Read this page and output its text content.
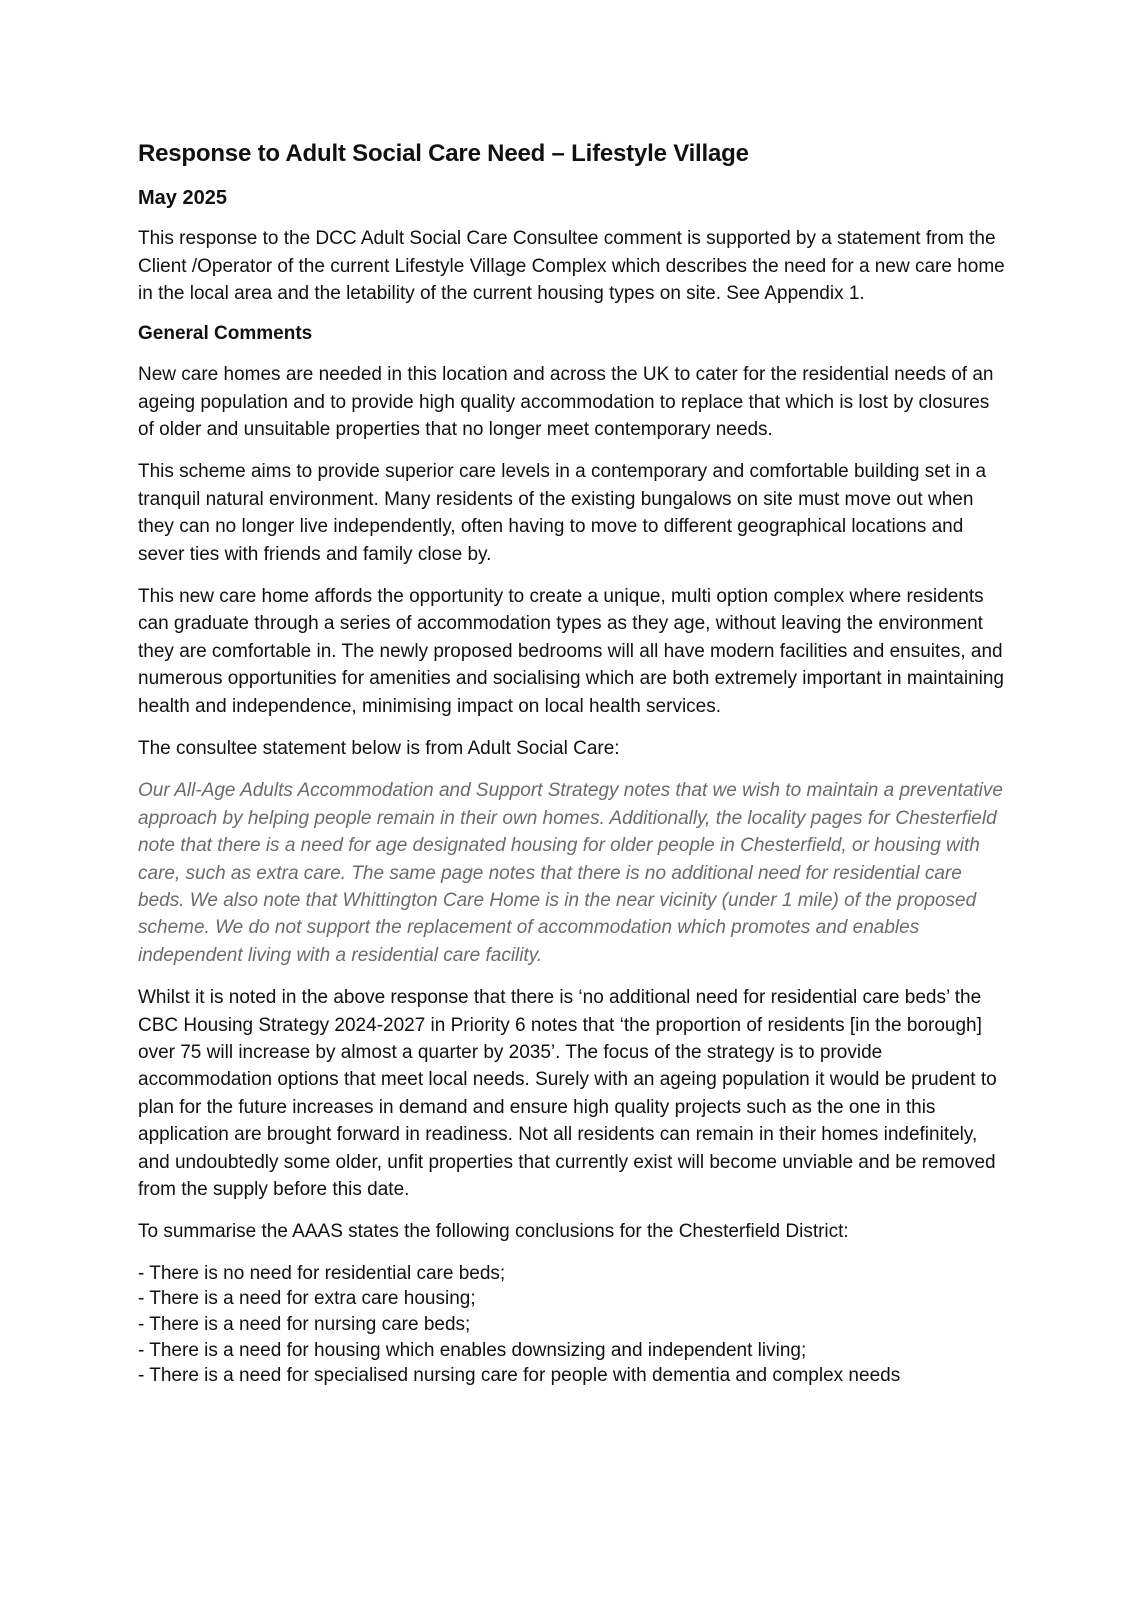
Response to Adult Social Care Need – Lifestyle Village
May 2025

This response to the DCC Adult Social Care Consultee comment is supported by a statement from the Client /Operator of the current Lifestyle Village Complex which describes the need for a new care home in the local area and the letability of the current housing types on site. See Appendix 1.

General Comments

New care homes are needed in this location and across the UK to cater for the residential needs of an ageing population and to provide high quality accommodation to replace that which is lost by closures of older and unsuitable properties that no longer meet contemporary needs.

This scheme aims to provide superior care levels in a contemporary and comfortable building set in a tranquil natural environment. Many residents of the existing bungalows on site must move out when they can no longer live independently, often having to move to different geographical locations and sever ties with friends and family close by.

This new care home affords the opportunity to create a unique, multi option complex where residents can graduate through a series of accommodation types as they age, without leaving the environment they are comfortable in. The newly proposed bedrooms will all have modern facilities and ensuites, and numerous opportunities for amenities and socialising which are both extremely important in maintaining health and independence, minimising impact on local health services.

The consultee statement below is from Adult Social Care:

Our All-Age Adults Accommodation and Support Strategy notes that we wish to maintain a preventative approach by helping people remain in their own homes. Additionally, the locality pages for Chesterfield note that there is a need for age designated housing for older people in Chesterfield, or housing with care, such as extra care. The same page notes that there is no additional need for residential care beds. We also note that Whittington Care Home is in the near vicinity (under 1 mile) of the proposed scheme. We do not support the replacement of accommodation which promotes and enables independent living with a residential care facility.

Whilst it is noted in the above response that there is ‘no additional need for residential care beds’ the CBC Housing Strategy 2024-2027 in Priority 6 notes that ‘the proportion of residents [in the borough] over 75 will increase by almost a quarter by 2035’. The focus of the strategy is to provide accommodation options that meet local needs. Surely with an ageing population it would be prudent to plan for the future increases in demand and ensure high quality projects such as the one in this application are brought forward in readiness. Not all residents can remain in their homes indefinitely, and undoubtedly some older, unfit properties that currently exist will become unviable and be removed from the supply before this date.

To summarise the AAAS states the following conclusions for the Chesterfield District:

- There is no need for residential care beds;
- There is a need for extra care housing;
- There is a need for nursing care beds;
- There is a need for housing which enables downsizing and independent living;
- There is a need for specialised nursing care for people with dementia and complex needs
